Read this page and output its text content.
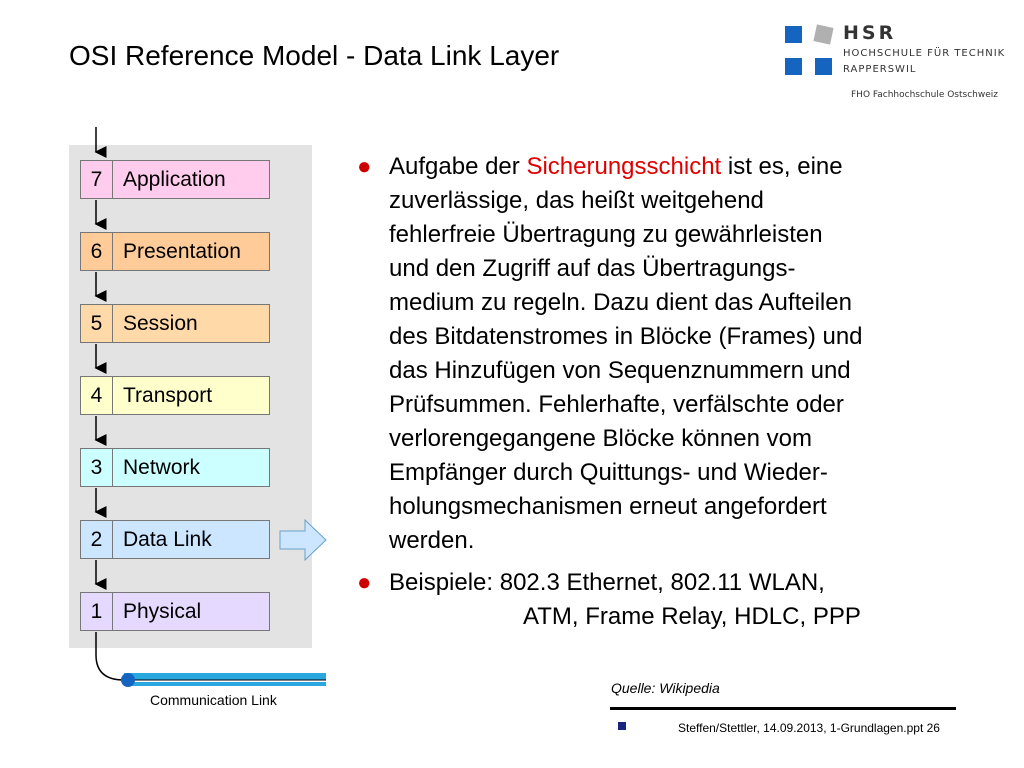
OSI Reference Model - Data Link Layer
HSR
HOCHSCHULE FÜR TECHNIK
RAPPERSWIL
FHO Fachhochschule Ostschweiz
7 Application
6 Presentation
5 Session
4 Transport
3 Network
2 Data Link
1 Physical
Communication Link
● Aufgabe der Sicherungsschicht ist es, eine
zuverlässige, das heißt weitgehend
fehlerfreie Übertragung zu gewährleisten
und den Zugriff auf das Übertragungs-
medium zu regeln. Dazu dient das Aufteilen
des Bitdatenstromes in Blöcke (Frames) und
das Hinzufügen von Sequenznummern und
Prüfsummen. Fehlerhafte, verfälschte oder
verlorengegangene Blöcke können vom
Empfänger durch Quittungs- und Wieder-
holungsmechanismen erneut angefordert
werden.
● Beispiele: 802.3 Ethernet, 802.11 WLAN,
ATM, Frame Relay, HDLC, PPP
Quelle: Wikipedia
Steffen/Stettler, 14.09.2013, 1-Grundlagen.ppt 26
